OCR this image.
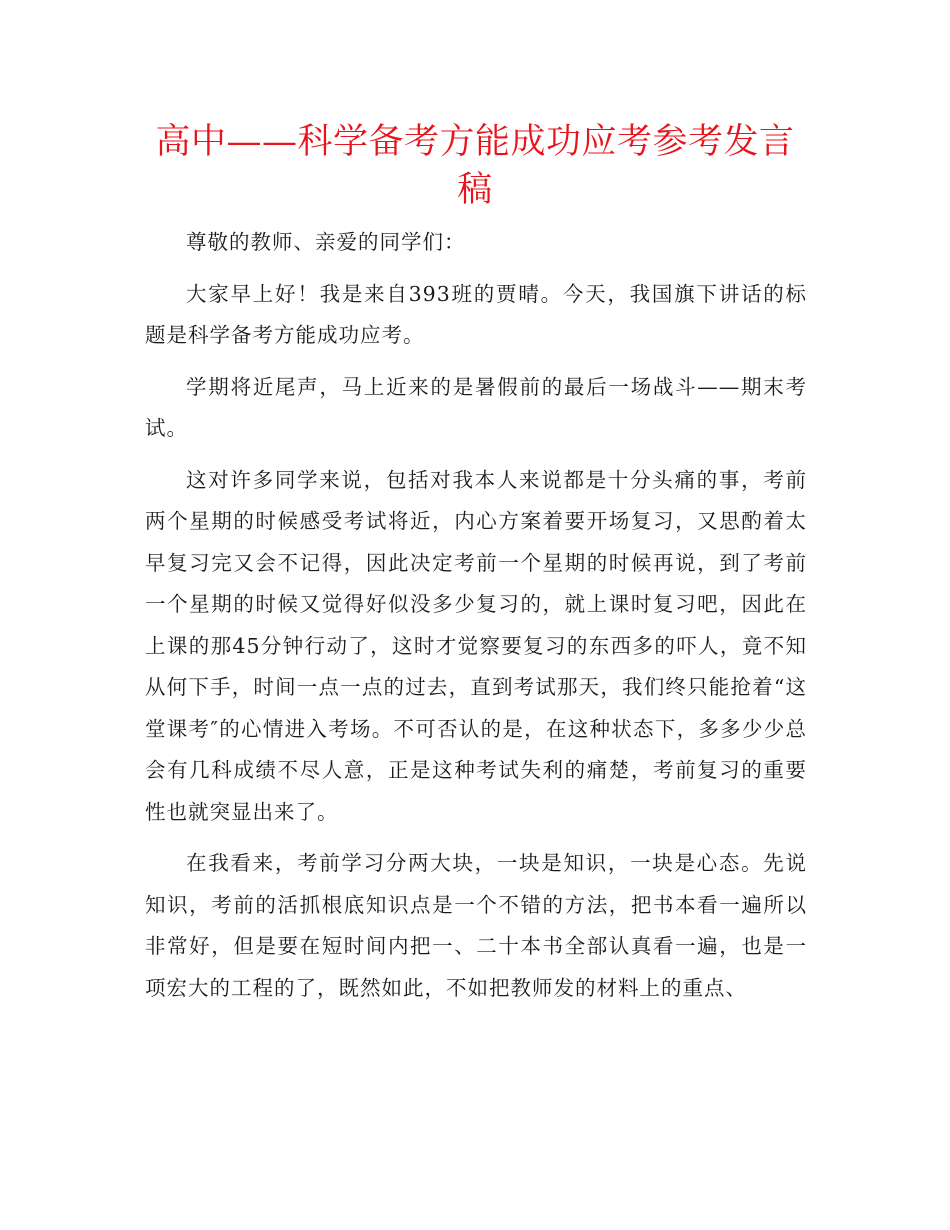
高中——科学备考方能成功应考参考发言稿

尊敬的教师、亲爱的同学们：

大家早上好！我是来自393班的贾晴。今天，我国旗下讲话的标题是科学备考方能成功应考。

学期将近尾声，马上近来的是暑假前的最后一场战斗——期末考试。

这对许多同学来说，包括对我本人来说都是十分头痛的事，考前两个星期的时候感受考试将近，内心方案着要开场复习，又思酌着太早复习完又会不记得，因此决定考前一个星期的时候再说，到了考前一个星期的时候又觉得好似没多少复习的，就上课时复习吧，因此在上课的那45分钟行动了，这时才觉察要复习的东西多的吓人，竟不知从何下手，时间一点一点的过去，直到考试那天，我们终只能抢着“这堂课考″的心情进入考场。不可否认的是，在这种状态下，多多少少总会有几科成绩不尽人意，正是这种考试失利的痛楚，考前复习的重要性也就突显出来了。

在我看来，考前学习分两大块，一块是知识，一块是心态。先说知识，考前的活抓根底知识点是一个不错的方法，把书本看一遍所以非常好，但是要在短时间内把一、二十本书全部认真看一遍，也是一项宏大的工程的了，既然如此，不如把教师发的材料上的重点、
